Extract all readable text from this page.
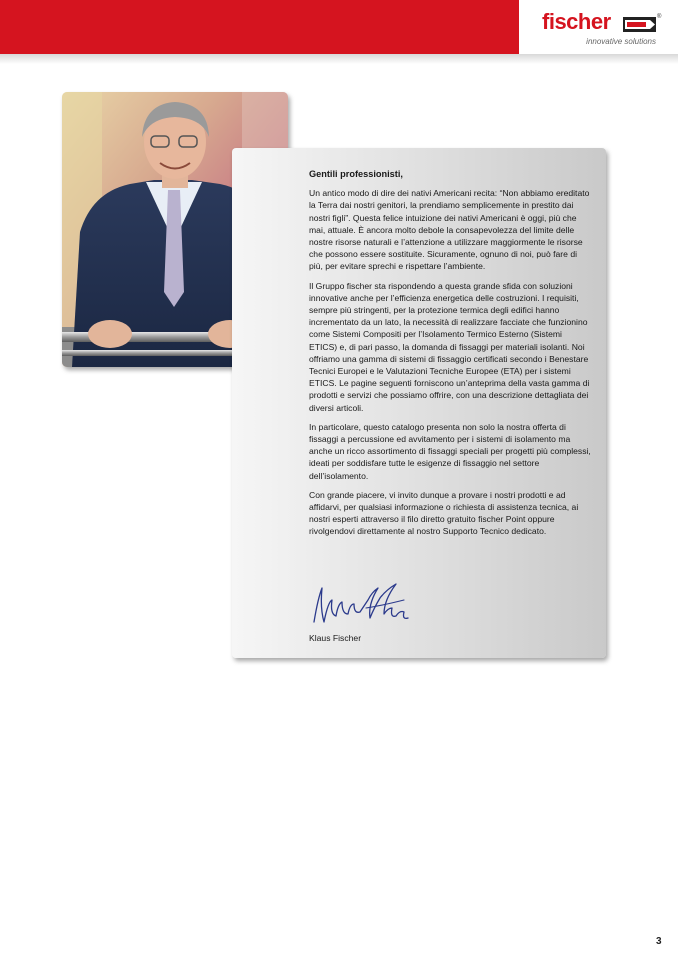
fischer	®
innovative solutions

Gentili professionisti,

Un antico modo di dire dei nativi Americani recita: “Non abbiamo ereditato la Terra dai nostri genitori, la prendiamo semplicemente in prestito dai nostri figli”. Questa felice intuizione dei nativi Americani è oggi, più che mai, attuale. È ancora molto debole la consapevolezza del limite delle nostre risorse naturali e l’attenzione a utilizzare maggiormente le risorse che possono essere sostituite. Sicuramente, ognuno di noi, può fare di più, per evitare sprechi e rispettare l’ambiente.

Il Gruppo fischer sta rispondendo a questa grande sfida con soluzioni innovative anche per l’efficienza energetica delle costruzioni. I requisiti, sempre più stringenti, per la protezione termica degli edifici hanno incrementato da un lato, la necessità di realizzare facciate che funzionino come Sistemi Compositi per l’Isolamento Termico Esterno (Sistemi ETICS) e, di pari passo, la domanda di fissaggi per materiali isolanti. Noi offriamo una gamma di sistemi di fissaggio certificati secondo i Benestare Tecnici Europei e le Valutazioni Tecniche Europee (ETA) per i sistemi ETICS. Le pagine seguenti forniscono un’anteprima della vasta gamma di prodotti e servizi che possiamo offrire, con una descrizione dettagliata dei diversi articoli.

In particolare, questo catalogo presenta non solo la nostra offerta di fissaggi a percussione ed avvitamento per i sistemi di isolamento ma anche un ricco assortimento di fissaggi speciali per progetti più complessi, ideati per soddisfare tutte le esigenze di fissaggio nel settore dell’isolamento.

Con grande piacere, vi invito dunque a provare i nostri prodotti e ad affidarvi, per qualsiasi informazione o richiesta di assistenza tecnica, ai nostri esperti attraverso il filo diretto gratuito fischer Point oppure rivolgendovi direttamente al nostro Supporto Tecnico dedicato.

Klaus Fischer
3
